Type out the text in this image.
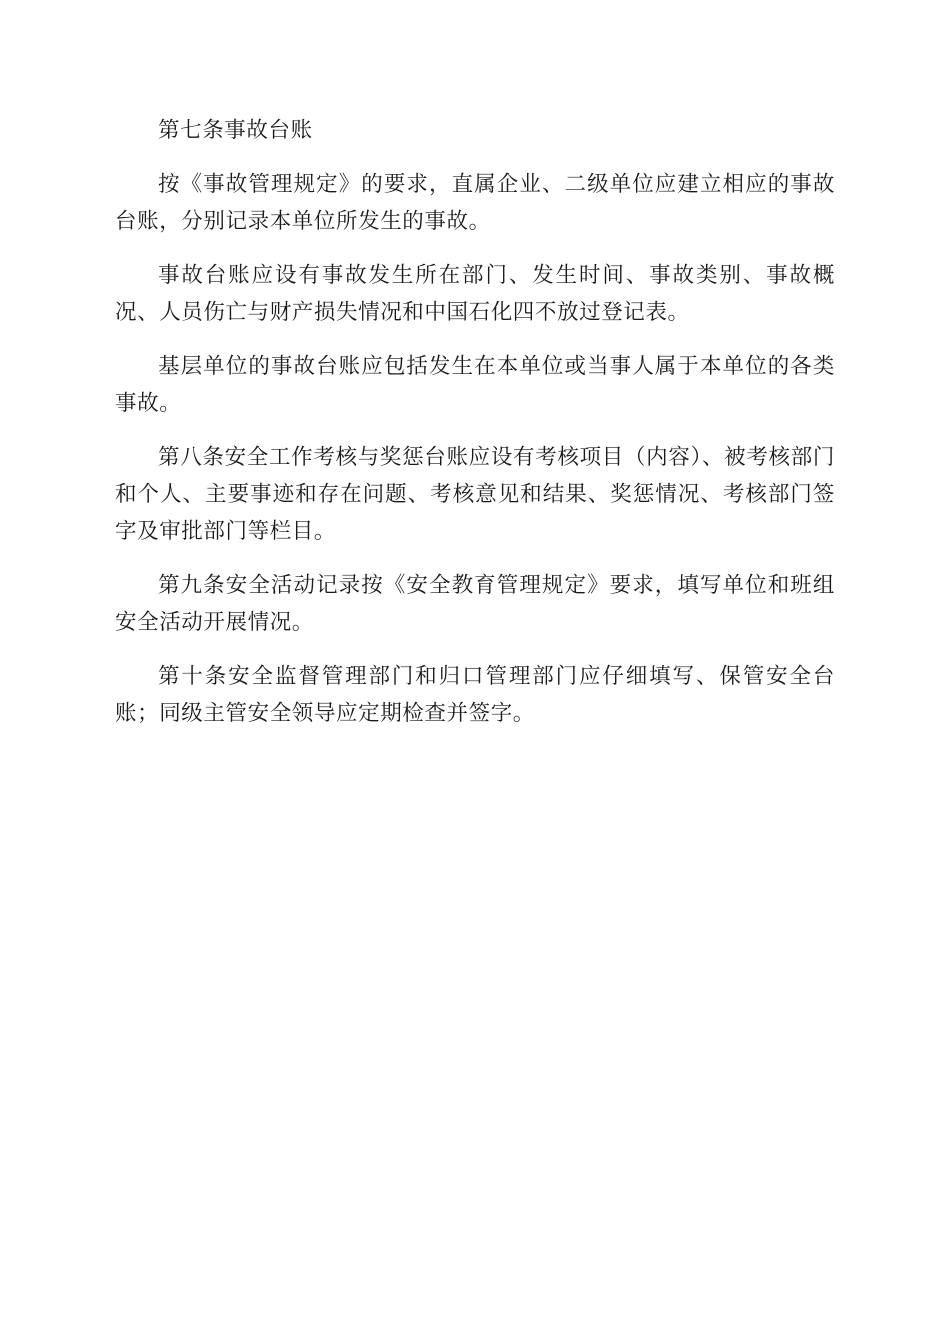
第七条事故台账

按《事故管理规定》的要求，直属企业、二级单位应建立相应的事故台账，分别记录本单位所发生的事故。

事故台账应设有事故发生所在部门、发生时间、事故类别、事故概况、人员伤亡与财产损失情况和中国石化四不放过登记表。

基层单位的事故台账应包括发生在本单位或当事人属于本单位的各类事故。

第八条安全工作考核与奖惩台账应设有考核项目（内容）、被考核部门和个人、主要事迹和存在问题、考核意见和结果、奖惩情况、考核部门签字及审批部门等栏目。

第九条安全活动记录按《安全教育管理规定》要求，填写单位和班组安全活动开展情况。

第十条安全监督管理部门和归口管理部门应仔细填写、保管安全台账；同级主管安全领导应定期检查并签字。
